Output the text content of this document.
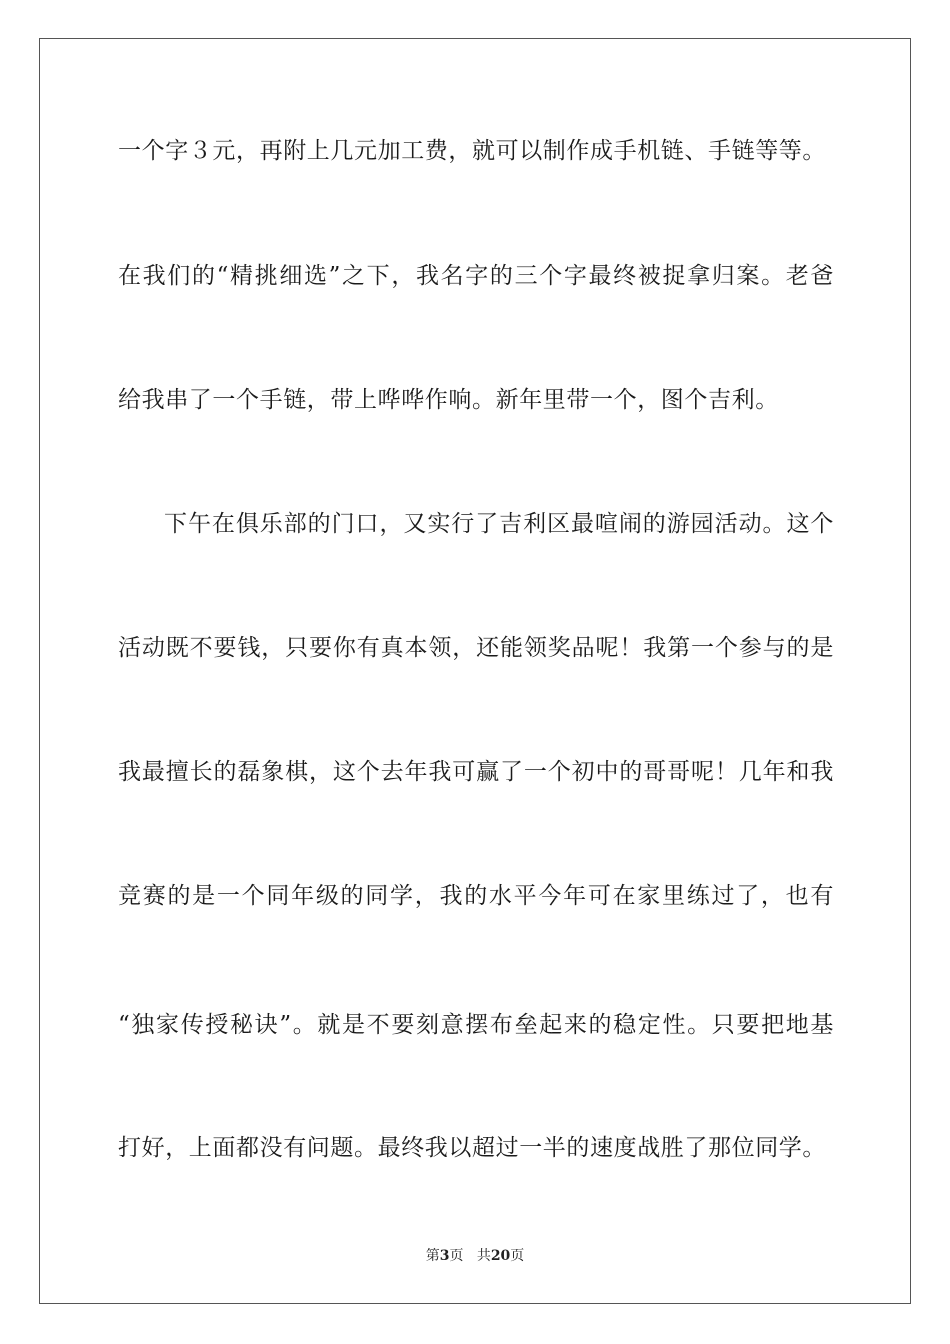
一个字３元，再附上几元加工费，就可以制作成手机链、手链等等。
在我们的“精挑细选”之下，我名字的三个字最终被捉拿归案。老爸
给我串了一个手链，带上哗哗作响。新年里带一个，图个吉利。
下午在俱乐部的门口，又实行了吉利区最喧闹的游园活动。这个
活动既不要钱，只要你有真本领，还能领奖品呢！我第一个参与的是
我最擅长的磊象棋，这个去年我可赢了一个初中的哥哥呢！几年和我
竞赛的是一个同年级的同学，我的水平今年可在家里练过了，也有
“独家传授秘诀”。就是不要刻意摆布垒起来的稳定性。只要把地基
打好，上面都没有问题。最终我以超过一半的速度战胜了那位同学。
第3页 共20页
